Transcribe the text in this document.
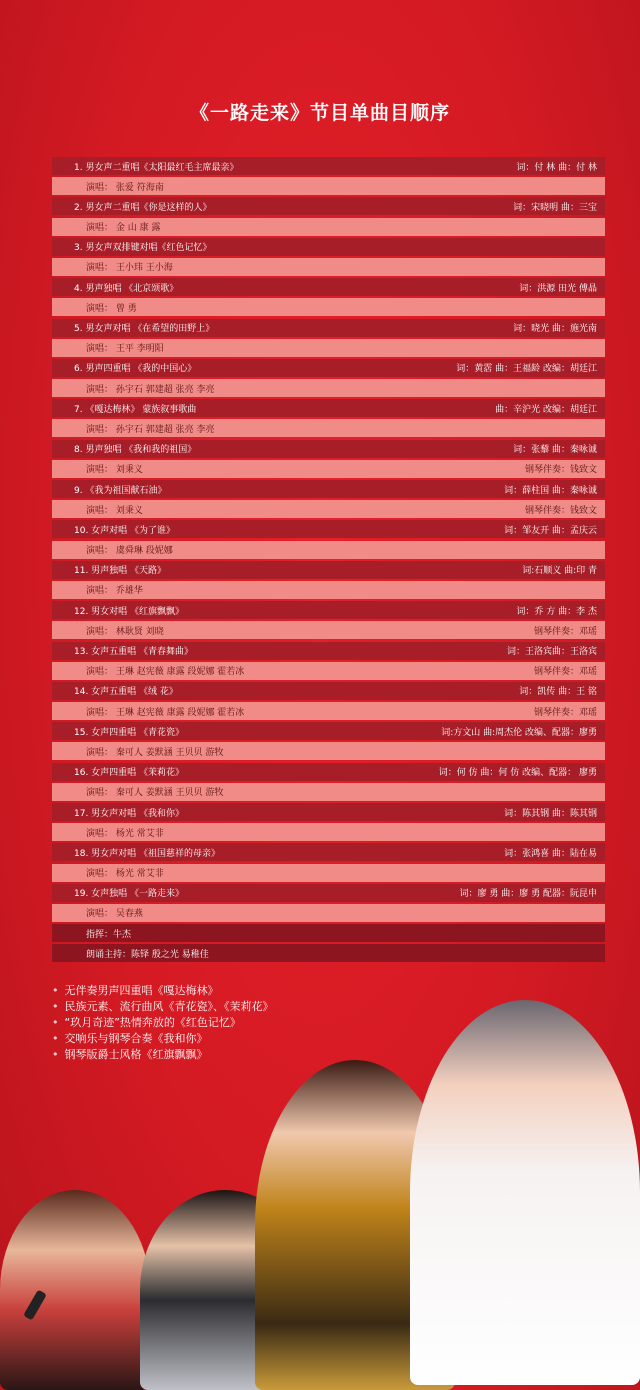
《一路走来》节目单曲目顺序
1. 男女声二重唱《太阳最红毛主席最亲》	词：付 林 曲：付 林
演唱： 张爱 符海南
2. 男女声二重唱《你是这样的人》	词：宋晓明 曲：三宝
演唱： 金 山 康 露
3. 男女声双排键对唱《红色记忆》
演唱： 王小玮 王小海
4. 男声独唱 《北京颂歌》	词：洪源 田光 傅晶
演唱： 曾 勇
5. 男女声对唱 《在希望的田野上》	词：晓光 曲：施光南
演唱： 王平 李明阳
6. 男声四重唱 《我的中国心》	词：黄霑 曲：王福龄 改编：胡廷江
演唱： 孙宇石 郭建超 张亮 李亮
7. 《嘎达梅林》 蒙族叙事歌曲	曲：辛沪光 改编：胡廷江
演唱： 孙宇石 郭建超 张亮 李亮
8. 男声独唱 《我和我的祖国》	词：张藜 曲：秦咏诚
演唱： 刘秉义	钢琴伴奏：钱致文
9. 《我为祖国献石油》	词：薛柱国 曲：秦咏诚
演唱： 刘秉义	钢琴伴奏：钱致文
10. 女声对唱 《为了谁》	词：邹友开 曲：孟庆云
演唱： 虞舜琳 段妮娜
11. 男声独唱 《天路》	词:石顺义 曲:印 青
演唱： 乔雄华
12. 男女对唱 《红旗飘飘》	词：乔 方 曲：李 杰
演唱： 林耿贤 刘晓	钢琴伴奏：邓瑶
13. 女声五重唱 《青春舞曲》	词：王洛宾曲：王洛宾
演唱： 王琳 赵宪薇 康露 段妮娜 霍若冰	钢琴伴奏：邓瑶
14. 女声五重唱 《绒 花》	词：凯传 曲：王 铭
演唱： 王琳 赵宪薇 康露 段妮娜 霍若冰	钢琴伴奏：邓瑶
15. 女声四重唱 《青花瓷》	词:方文山 曲:周杰伦 改编、配器：廖勇
演唱： 秦可人 姜默涵 王贝贝 游牧
16. 女声四重唱 《茉莉花》	词：何 仿 曲：何 仿 改编、配器： 廖勇
演唱： 秦可人 姜默涵 王贝贝 游牧
17. 男女声对唱 《我和你》	词：陈其钢 曲：陈其钢
演唱： 杨光 常艾非
18. 男女声对唱 《祖国慈祥的母亲》	词：张鸿喜 曲：陆在易
演唱： 杨光 常艾非
19. 女声独唱 《一路走来》	词：廖 勇 曲：廖 勇 配器：阮昆申
演唱： 吴春燕
指挥：牛杰
朗诵主持：陈铎 殷之光 易稚佳
• 无伴奏男声四重唱《嘎达梅林》
• 民族元素、流行曲风《青花瓷》、《茉莉花》
• “玖月奇迹”热情奔放的《红色记忆》
• 交响乐与钢琴合奏《我和你》
• 钢琴版爵士风格《红旗飘飘》
